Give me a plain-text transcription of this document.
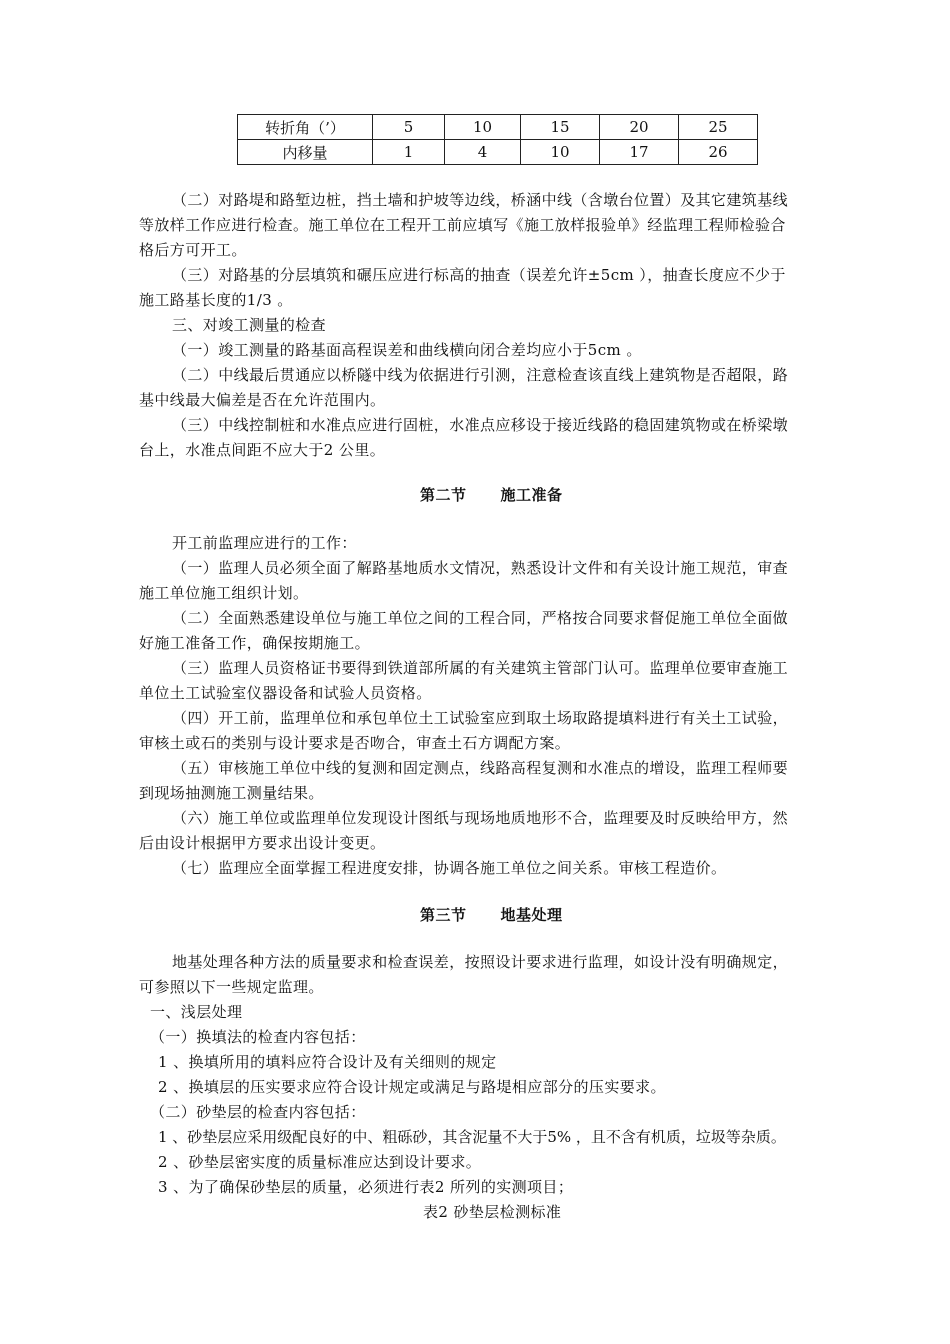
转折角（’）	5	10	15	20	25
内移量	1	4	10	17	26

（二）对路堤和路堑边桩，挡土墙和护坡等边线，桥涵中线（含墩台位置）及其它建筑基线

等放样工作应进行检查。施工单位在工程开工前应填写《施工放样报验单》经监理工程师检验合

格后方可开工。

（三）对路基的分层填筑和碾压应进行标高的抽查（误差允许±5cm ），抽查长度应不少于

施工路基长度的1/3 。

三、对竣工测量的检查

（一）竣工测量的路基面高程误差和曲线横向闭合差均应小于5cm 。

（二）中线最后贯通应以桥隧中线为依据进行引测，注意检查该直线上建筑物是否超限，路

基中线最大偏差是否在允许范围内。

（三）中线控制桩和水准点应进行固桩，水准点应移设于接近线路的稳固建筑物或在桥梁墩

台上，水准点间距不应大于2 公里。

第二节 施工准备

开工前监理应进行的工作：

（一）监理人员必须全面了解路基地质水文情况，熟悉设计文件和有关设计施工规范，审查

施工单位施工组织计划。

（二）全面熟悉建设单位与施工单位之间的工程合同，严格按合同要求督促施工单位全面做

好施工准备工作，确保按期施工。

（三）监理人员资格证书要得到铁道部所属的有关建筑主管部门认可。监理单位要审查施工

单位土工试验室仪器设备和试验人员资格。

（四）开工前，监理单位和承包单位土工试验室应到取土场取路提填料进行有关土工试验，

审核土或石的类别与设计要求是否吻合，审查土石方调配方案。

（五）审核施工单位中线的复测和固定测点，线路高程复测和水准点的增设，监理工程师要

到现场抽测施工测量结果。

（六）施工单位或监理单位发现设计图纸与现场地质地形不合，监理要及时反映给甲方，然

后由设计根据甲方要求出设计变更。

（七）监理应全面掌握工程进度安排，协调各施工单位之间关系。审核工程造价。

第三节 地基处理

地基处理各种方法的质量要求和检查误差，按照设计要求进行监理，如设计没有明确规定，

可参照以下一些规定监理。

一、浅层处理

（一）换填法的检查内容包括：

1 、换填所用的填料应符合设计及有关细则的规定

2 、换填层的压实要求应符合设计规定或满足与路堤相应部分的压实要求。

（二）砂垫层的检查内容包括：

1 、砂垫层应采用级配良好的中、粗砾砂，其含泥量不大于5% ，且不含有机质，垃圾等杂质。

2 、砂垫层密实度的质量标准应达到设计要求。

3 、为了确保砂垫层的质量，必须进行表2 所列的实测项目；

表2 砂垫层检测标准
